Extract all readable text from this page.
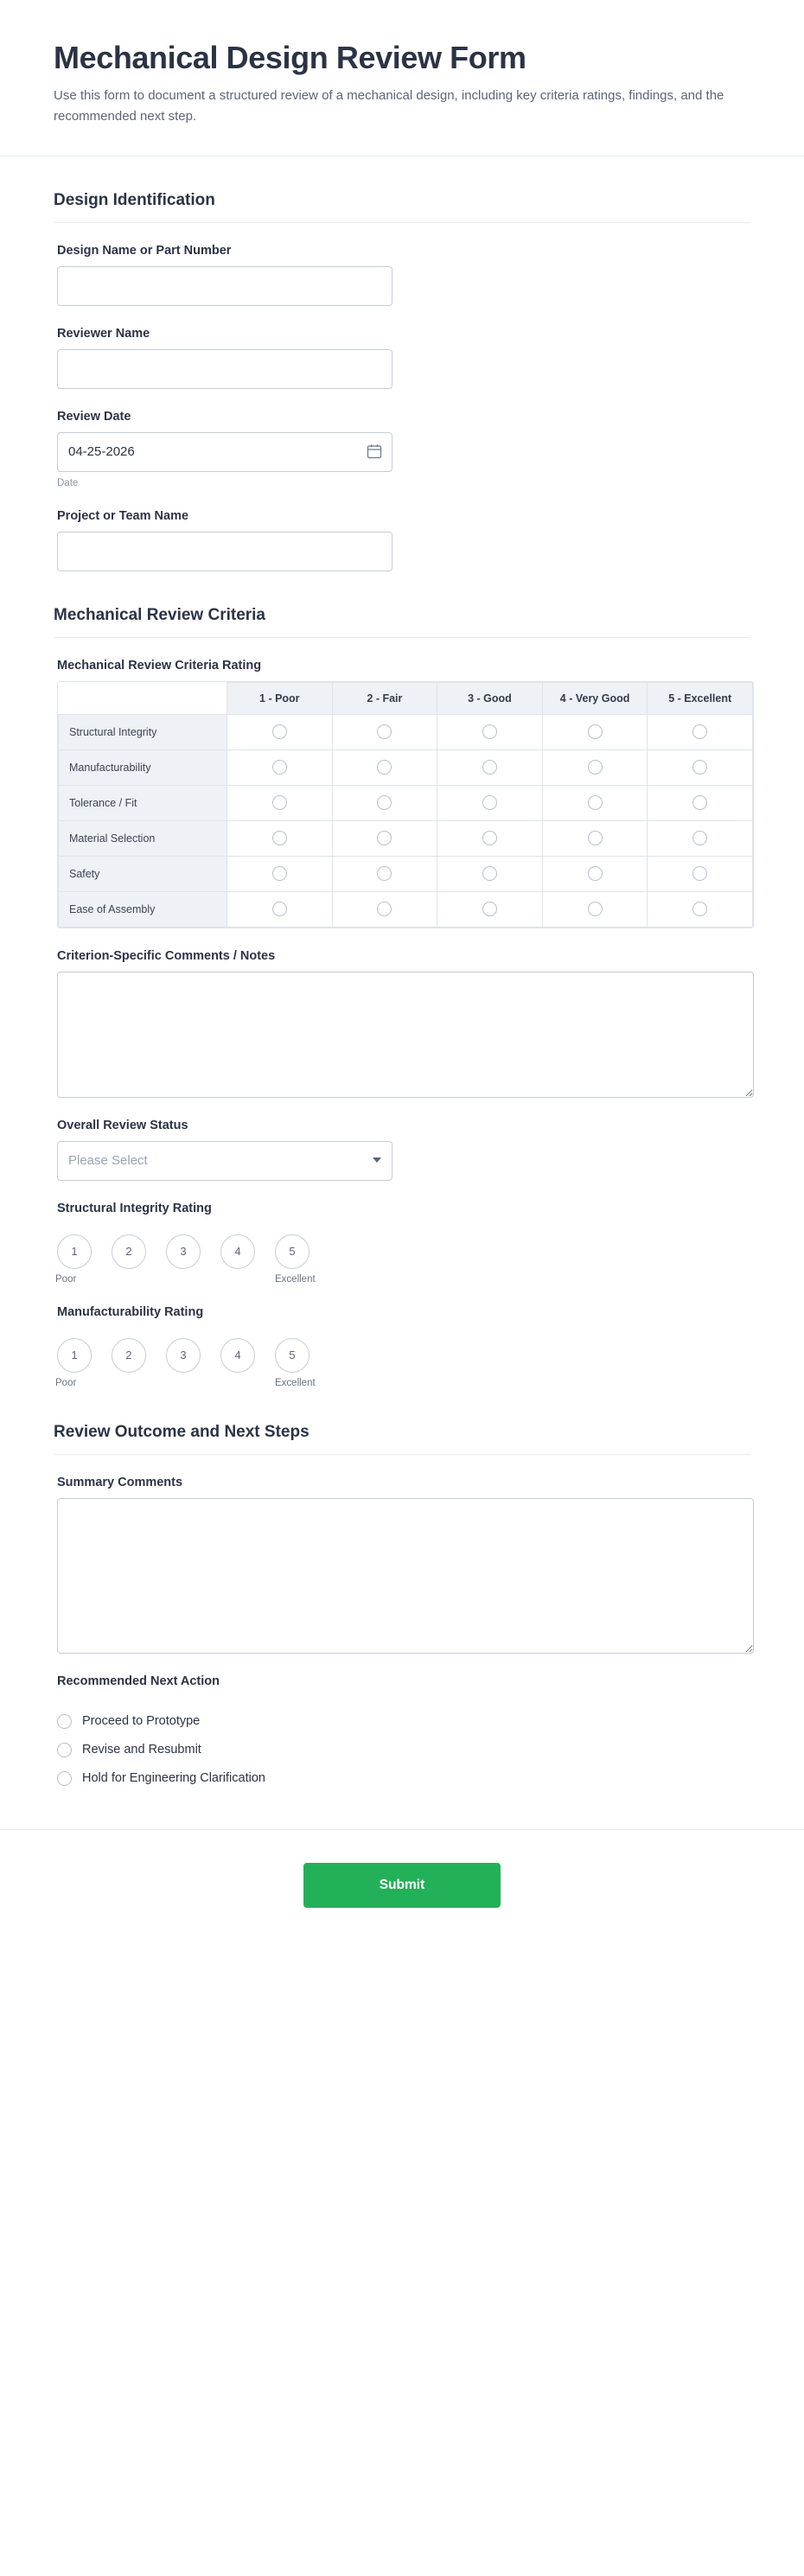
Mechanical Design Review Form

Use this form to document a structured review of a mechanical design, including key criteria ratings, findings, and the recommended next step.

Design Identification
Design Name or Part Number
Reviewer Name
Review Date
04-25-2026
Date
Project or Team Name
Mechanical Review Criteria
Mechanical Review Criteria Rating
	1 - Poor	2 - Fair	3 - Good	4 - Very Good	5 - Excellent
Structural Integrity					
Manufacturability					
Tolerance / Fit					
Material Selection					
Safety					
Ease of Assembly					
Criterion-Specific Comments / Notes
Overall Review Status
Please Select
Structural Integrity Rating
1
Poor
2	3	4	5
Excellent
Manufacturability Rating
1
Poor
2	3	4	5
Excellent
Review Outcome and Next Steps
Summary Comments
Recommended Next Action
Proceed to Prototype
Revise and Resubmit
Hold for Engineering Clarification
Submit
